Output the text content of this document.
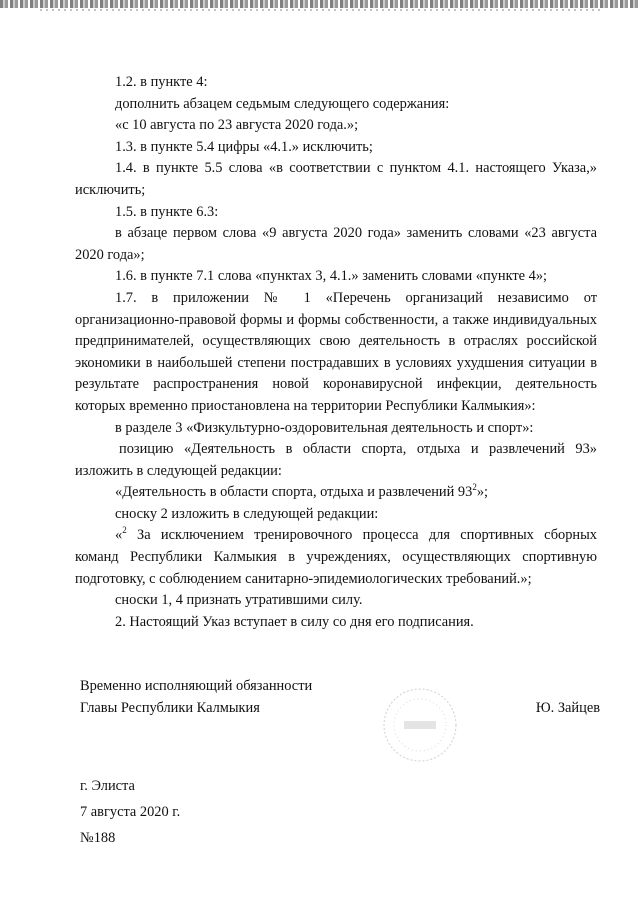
1.2. в пункте 4:

дополнить абзацем седьмым следующего содержания:

«с 10 августа по 23 августа 2020 года.»;

1.3. в пункте 5.4 цифры «4.1.» исключить;

1.4. в пункте 5.5 слова «в соответствии с пунктом 4.1. настоящего Указа,» исключить;

1.5. в пункте 6.3:

в абзаце первом слова «9 августа 2020 года» заменить словами «23 августа 2020 года»;

1.6. в пункте 7.1 слова «пунктах 3, 4.1.» заменить словами «пункте 4»;

1.7. в приложении № 1 «Перечень организаций независимо от организационно-правовой формы и формы собственности, а также индивидуальных предпринимателей, осуществляющих свою деятельность в отраслях российской экономики в наибольшей степени пострадавших в условиях ухудшения ситуации в результате распространения новой коронавирусной инфекции, деятельность которых временно приостановлена на территории Республики Калмыкия»:

в разделе 3 «Физкультурно-оздоровительная деятельность и спорт»:

позицию «Деятельность в области спорта, отдыха и развлечений 93» изложить в следующей редакции:

«Деятельность в области спорта, отдыха и развлечений $93^2$»;

сноску 2 изложить в следующей редакции:

«$^2$ За исключением тренировочного процесса для спортивных сборных команд Республики Калмыкия в учреждениях, осуществляющих спортивную подготовку, с соблюдением санитарно-эпидемиологических требований.»;

сноски 1, 4 признать утратившими силу.

2. Настоящий Указ вступает в силу со дня его подписания.

Временно исполняющий обязанности
Главы Республики Калмыкия	Ю. Зайцев
г. Элиста
7 августа 2020 г.
№188
